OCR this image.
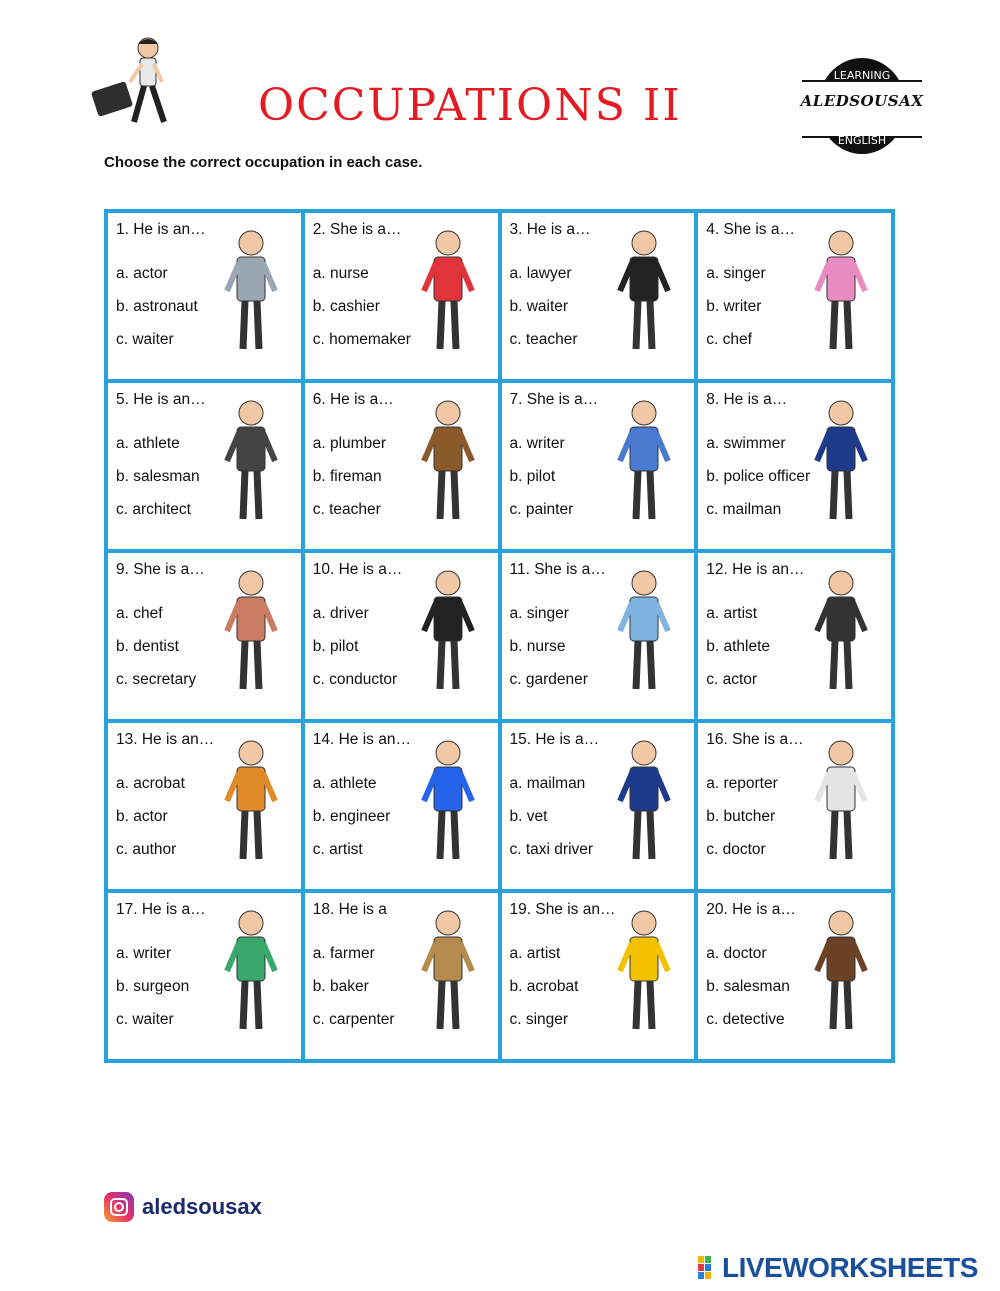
OCCUPATIONS II
LEARNING
ALEDSOUSAX
ENGLISH
Choose the correct occupation in each case.
1. He is an…
a. actor
b. astronaut
c. waiter
2. She is a…
a. nurse
b. cashier
c. homemaker
3. He is a…
a. lawyer
b. waiter
c. teacher
4. She is a…
a. singer
b. writer
c. chef
5. He is an…
a. athlete
b. salesman
c. architect
6. He is a…
a. plumber
b. fireman
c. teacher
7. She is a…
a. writer
b. pilot
c. painter
8. He is a…
a. swimmer
b. police officer
c. mailman
9. She is a…
a. chef
b. dentist
c. secretary
10. He is a…
a. driver
b. pilot
c. conductor
11. She is a…
a. singer
b. nurse
c. gardener
12. He is an…
a. artist
b. athlete
c. actor
13. He is an…
a. acrobat
b. actor
c. author
14. He is an…
a. athlete
b. engineer
c. artist
15. He is a…
a. mailman
b. vet
c. taxi driver
16. She is a…
a. reporter
b. butcher
c. doctor
17. He is a…
a. writer
b. surgeon
c. waiter
18. He is a
a. farmer
b. baker
c. carpenter
19. She is an…
a. artist
b. acrobat
c. singer
20. He is a…
a. doctor
b. salesman
c. detective
aledsousax
LIVEWORKSHEETS
